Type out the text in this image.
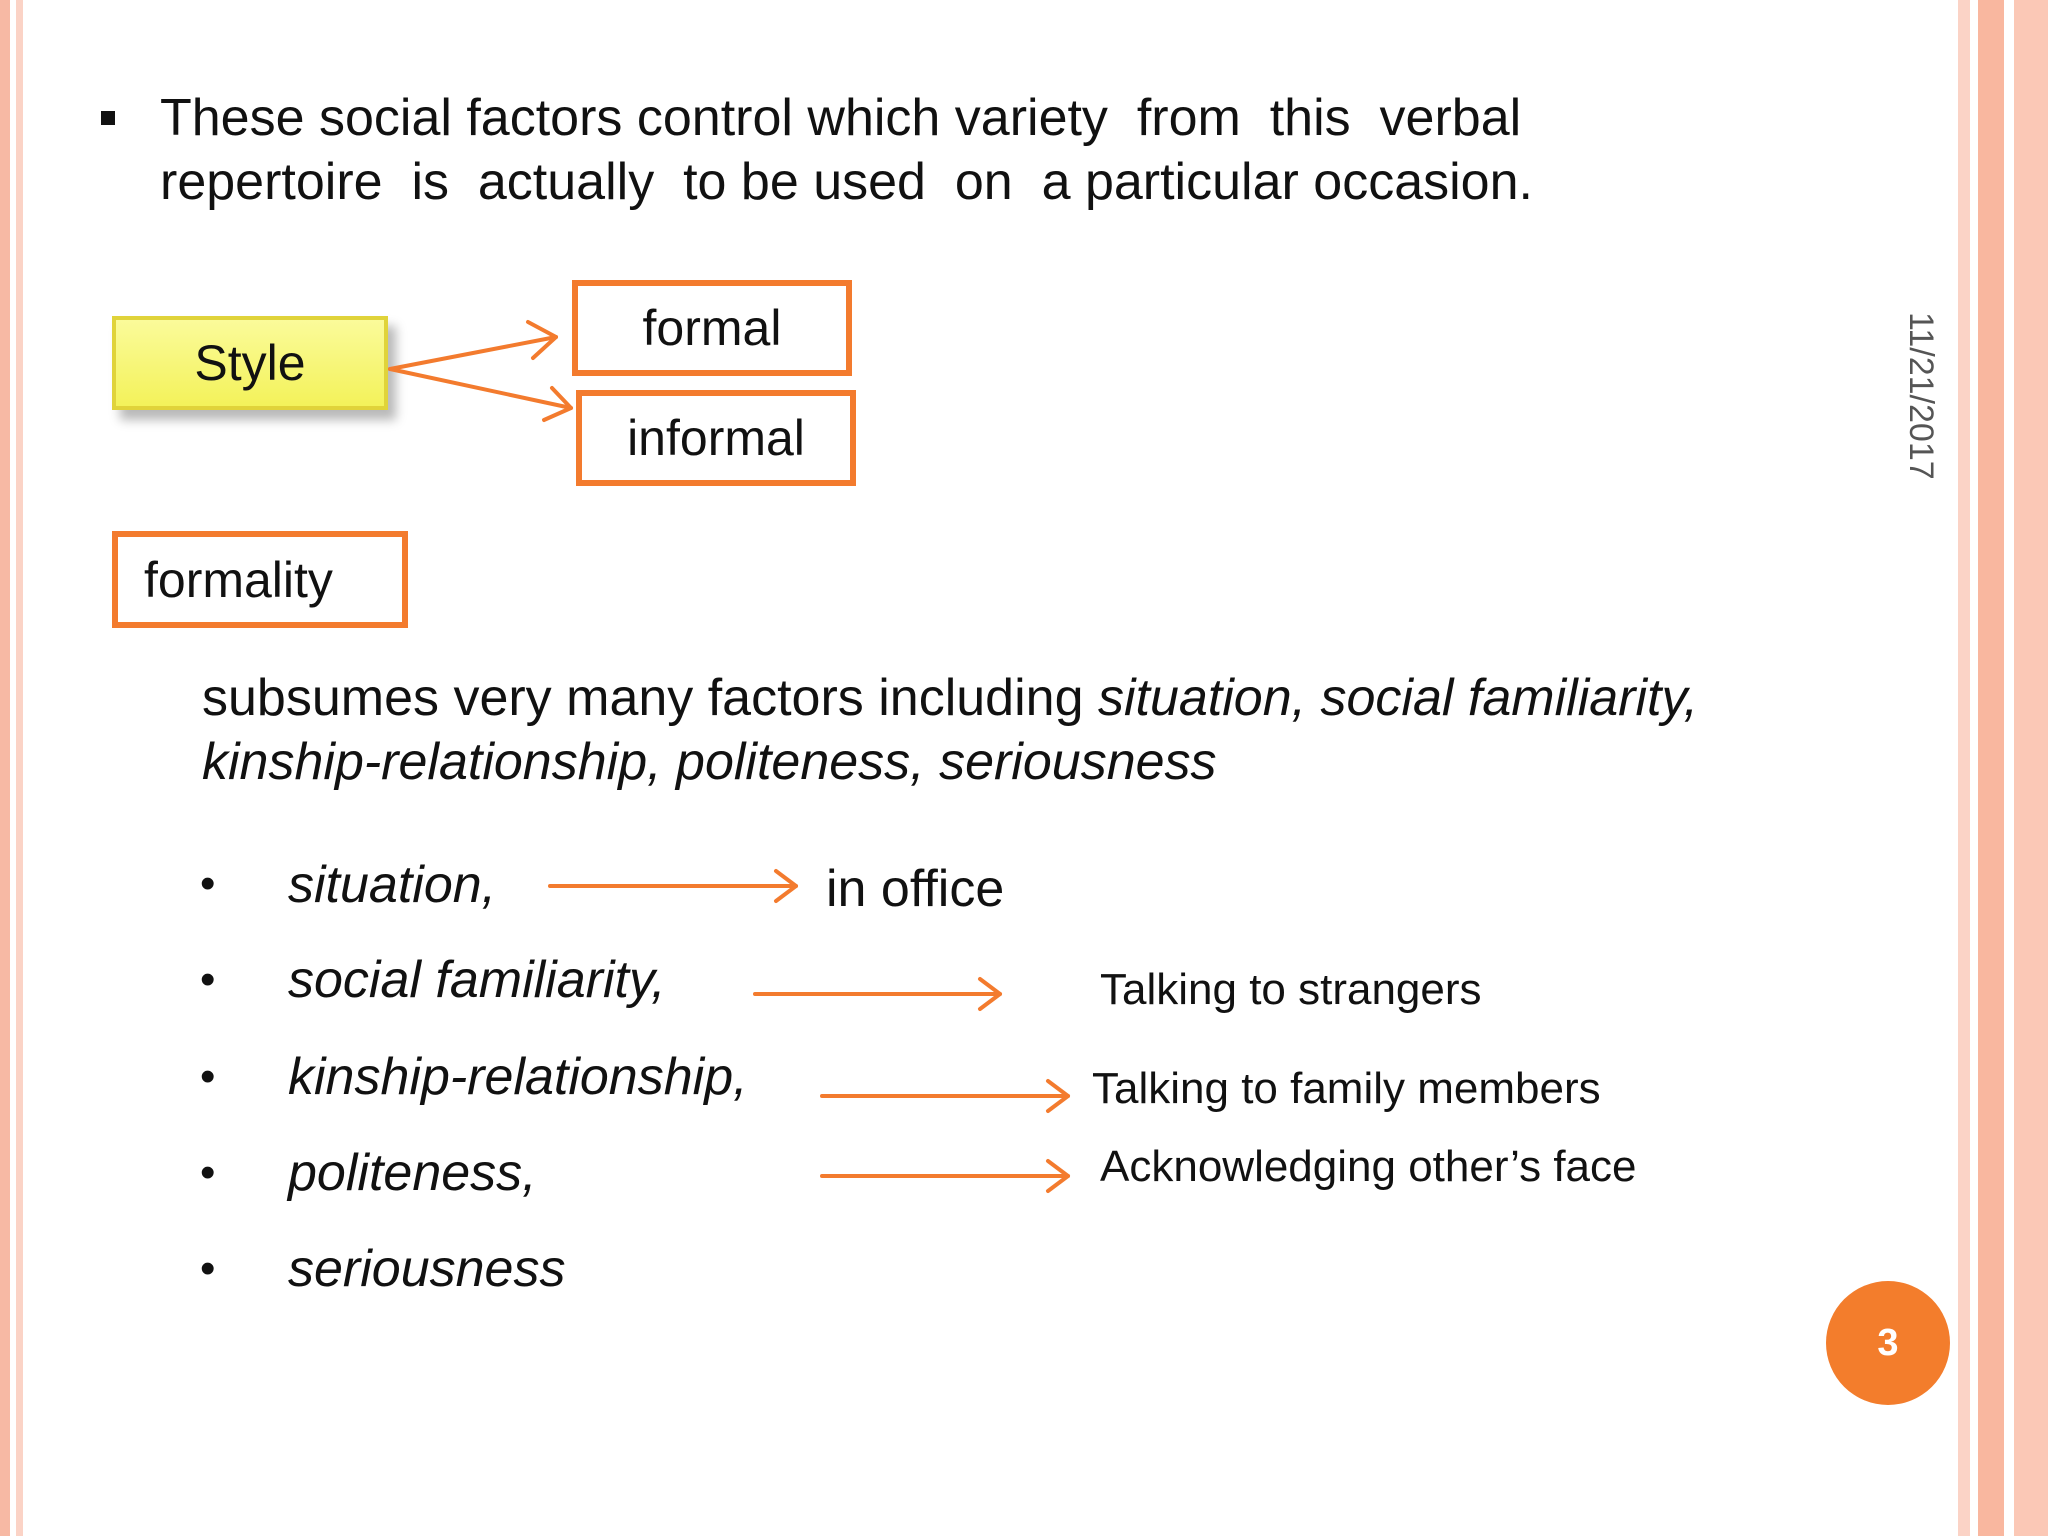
These social factors control which variety  from  this  verbal
repertoire  is  actually  to be used  on  a particular occasion.
Style
formal
informal
formality
subsumes very many factors including situation, social familiarity,
kinship-relationship, politeness, seriousness
• situation,
• social familiarity,
• kinship-relationship,
• politeness,
• seriousness
in office
Talking to strangers
Talking to family members
Acknowledging other’s face
11/21/2017
3
